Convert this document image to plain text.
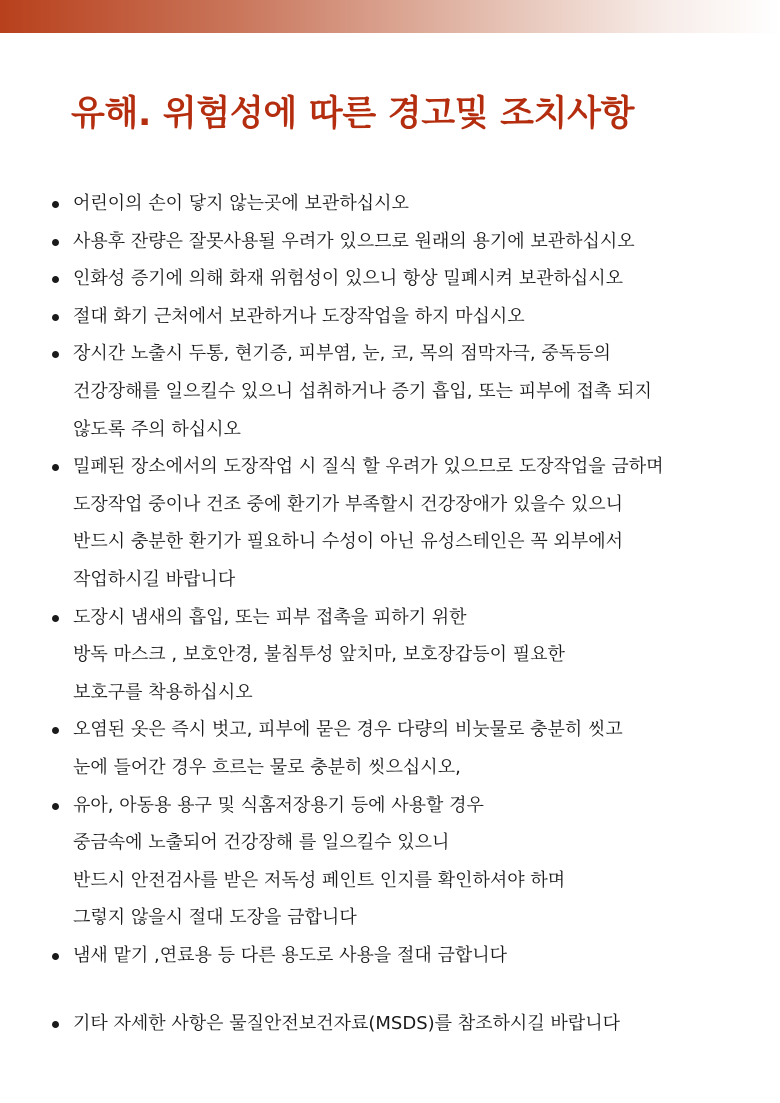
유해. 위험성에 따른 경고및 조치사항
어린이의 손이 닿지 않는곳에 보관하십시오
사용후 잔량은 잘못사용될 우려가 있으므로 원래의 용기에 보관하십시오
인화성 증기에 의해 화재 위험성이 있으니 항상 밀폐시켜 보관하십시오
절대 화기 근처에서 보관하거나 도장작업을 하지 마십시오
장시간 노출시 두통, 현기증, 피부염, 눈, 코, 목의 점막자극, 중독등의
건강장해를 일으킬수 있으니 섭취하거나 증기 흡입, 또는 피부에 접촉 되지
않도록 주의 하십시오
밀페된 장소에서의 도장작업 시 질식 할 우려가 있으므로 도장작업을 금하며
도장작업 중이나 건조 중에 환기가 부족할시 건강장애가 있을수 있으니
반드시 충분한 환기가 필요하니 수성이 아닌 유성스테인은 꼭 외부에서
작업하시길 바랍니다
도장시 냄새의 흡입, 또는 피부 접촉을 피하기 위한
방독 마스크 , 보호안경, 불침투성 앞치마, 보호장갑등이 필요한
보호구를 착용하십시오
오염된 옷은 즉시 벗고, 피부에 묻은 경우 다량의 비눗물로 충분히 씻고
눈에 들어간 경우 흐르는 물로 충분히 씻으십시오,
유아, 아동용 용구 및 식홈저장용기 등에 사용할 경우
중금속에 노출되어 건강장해 를 일으킬수 있으니
반드시 안전검사를 받은 저독성 페인트 인지를 확인하셔야 하며
그렇지 않을시 절대 도장을 금합니다
냄새 맡기 ,연료용 등 다른 용도로 사용을 절대 금합니다
기타 자세한 사항은 물질안전보건자료(MSDS)를 참조하시길 바랍니다
